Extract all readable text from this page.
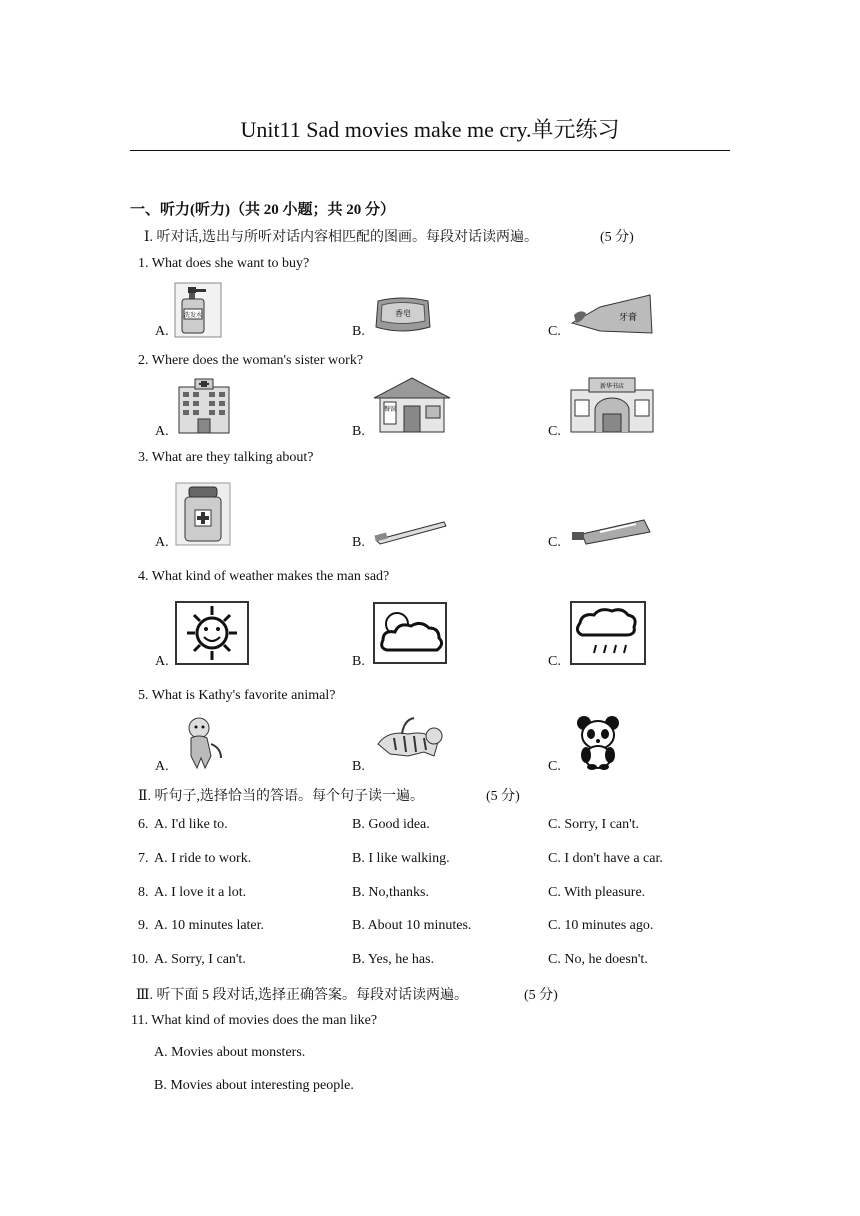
Unit11 Sad movies make me cry.单元练习
一、听力(听力)（共 20 小题；共 20 分）
Ⅰ. 听对话,选出与所听对话内容相匹配的图画。每段对话读两遍。	(5 分)
1. What does she want to buy?
A.
洗发水
B.
香皂
C.
牙膏
2. Where does the woman's sister work?
A.	B.
餐馆
C.
新华书店
3. What are they talking about?
A.	B.	C.
4. What kind of weather makes the man sad?
A.	B.	C.
5. What is Kathy's favorite animal?
A.	B.	C.
Ⅱ. 听句子,选择恰当的答语。每个句子读一遍。	(5 分)
6. A. I'd like to.	B. Good idea.	C. Sorry, I can't.
7. A. I ride to work.	B. I like walking.	C. I don't have a car.
8. A. I love it a lot.	B. No,thanks.	C. With pleasure.
9. A. 10 minutes later.	B. About 10 minutes.	C. 10 minutes ago.
10. A. Sorry, I can't.	B. Yes, he has.	C. No, he doesn't.
Ⅲ. 听下面 5 段对话,选择正确答案。每段对话读两遍。	(5 分)
11. What kind of movies does the man like?
A. Movies about monsters.
B. Movies about interesting people.
